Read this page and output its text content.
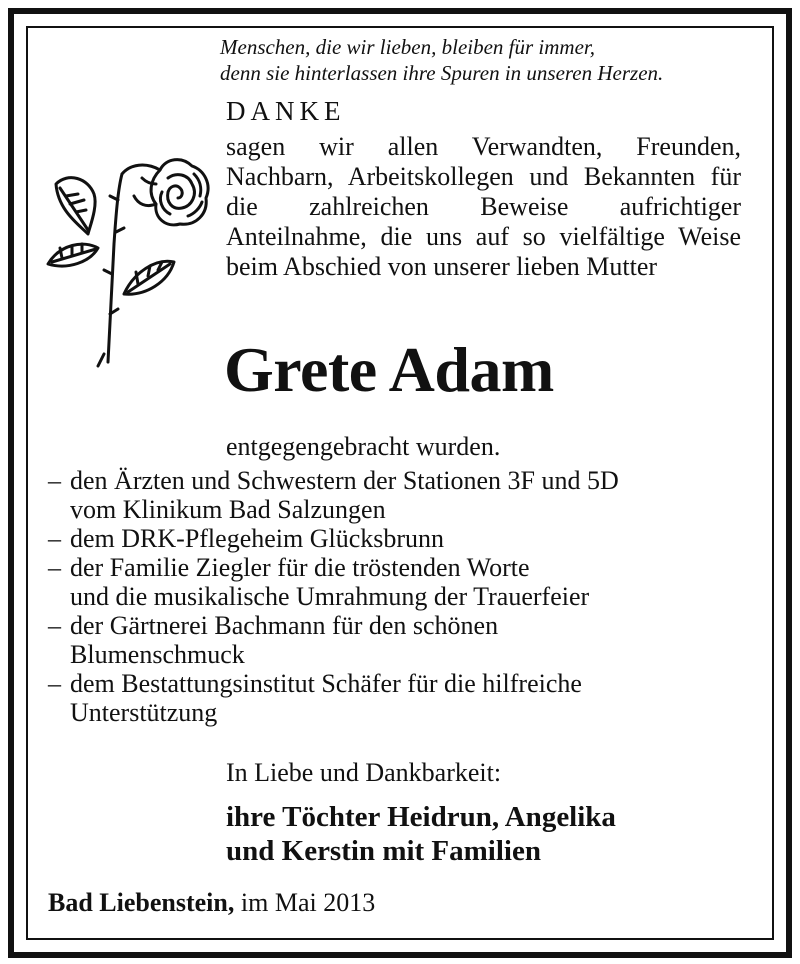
Menschen, die wir lieben, bleiben für immer,
denn sie hinterlassen ihre Spuren in unseren Herzen.
DANKE
sagen wir allen Verwandten, Freunden, Nachbarn, Arbeitskollegen und Bekannten für die zahlreichen Beweise aufrichtiger Anteilnahme, die uns auf so vielfältige Weise beim Abschied von unserer lieben Mutter
Grete Adam
entgegengebracht wurden.
– den Ärzten und Schwestern der Stationen 3F und 5D
vom Klinikum Bad Salzungen
– dem DRK-Pflegeheim Glücksbrunn
– der Familie Ziegler für die tröstenden Worte
und die musikalische Umrahmung der Trauerfeier
– der Gärtnerei Bachmann für den schönen
Blumenschmuck
– dem Bestattungsinstitut Schäfer für die hilfreiche
Unterstützung
In Liebe und Dankbarkeit:
ihre Töchter Heidrun, Angelika
und Kerstin mit Familien
Bad Liebenstein, im Mai 2013
